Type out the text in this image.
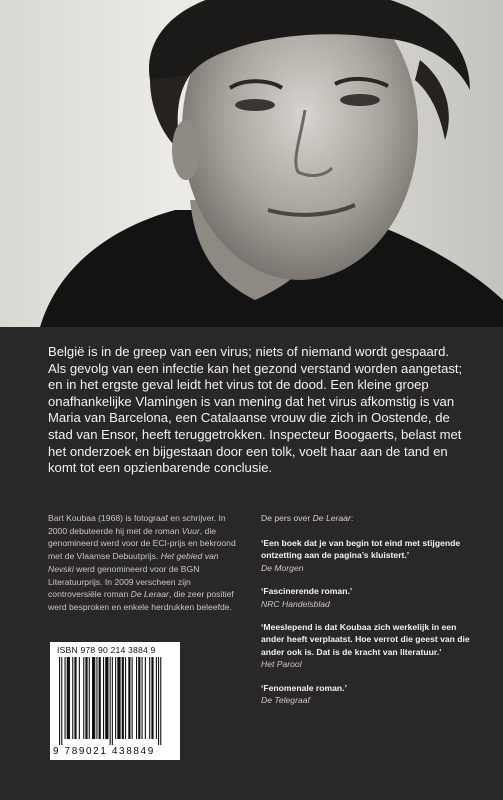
België is in de greep van een virus; niets of niemand wordt gespaard. Als gevolg van een infectie kan het gezond verstand worden aangetast; en in het ergste geval leidt het virus tot de dood. Een kleine groep onafhankelijke Vlamingen is van mening dat het virus afkomstig is van Maria van Barcelona, een Catalaanse vrouw die zich in Oostende, de stad van Ensor, heeft teruggetrokken. Inspecteur Boogaerts, belast met het onderzoek en bijgestaan door een tolk, voelt haar aan de tand en komt tot een opzienbarende conclusie.

Bart Koubaa (1968) is fotograaf en schrijver. In 2000 debuteerde hij met de roman Vuur, die genomineerd werd voor de ECI-prijs en bekroond met de Vlaamse Debuutprijs. Het gebied van Nevski werd genomineerd voor de BGN Literatuurprijs. In 2009 verscheen zijn controversiële roman De Leraar, die zeer positief werd besproken en enkele herdrukken beleefde.

De pers over De Leraar:

‘Een boek dat je van begin tot eind met stijgende ontzetting aan de pagina’s kluistert.’

De Morgen

‘Fascinerende roman.’

NRC Handelsblad

‘Meeslepend is dat Koubaa zich werkelijk in een ander heeft verplaatst. Hoe verrot die geest van die ander ook is. Dat is de kracht van literatuur.’

Het Parool

‘Fenomenale roman.’

De Telegraaf

ISBN 978 90 214 3884 9
9 789021 438849
